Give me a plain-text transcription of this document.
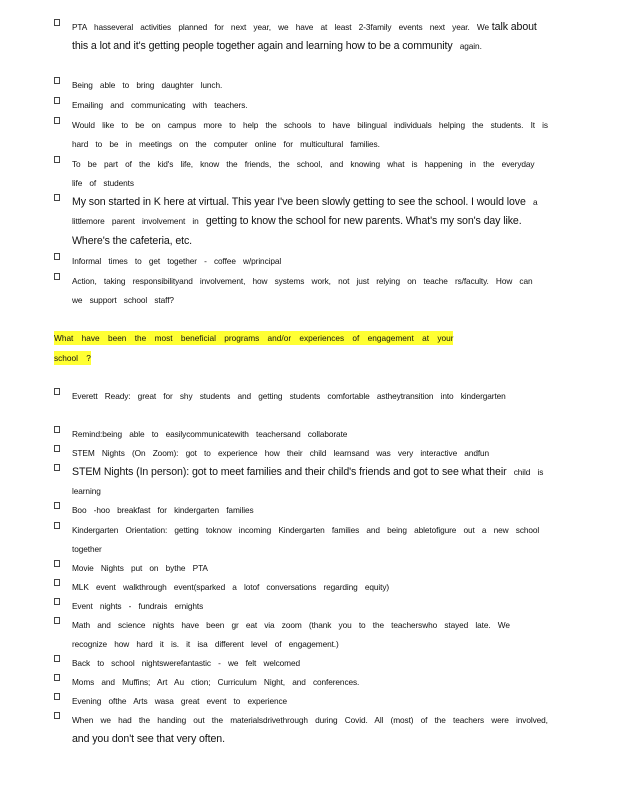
PTA hasseveral activities planned for next year, we have at least 2-3family events next year. We talk about this a lot and it's getting people together again and learning how to be a community again.
Being able to bring daughter lunch.
Emailing and communicating with teachers.
Would like to be on campus more to help the schools to have bilingual individuals helping the students. It is hard to be in meetings on the computer online for multicultural families.
To be part of the kid's life, know the friends, the school, and knowing what is happening in the everyday life of students
My son started in K here at virtual. This year I've been slowly getting to see the school. I would love a littlemore parent involvement in getting to know the school for new parents. What's my son's day like. Where's the cafeteria, etc.
Informal times to get together - coffee w/principal
Action, taking responsibilityand involvement, how systems work, not just relying on teache rs/faculty. How can we support school staff?
What have been the most beneficial programs and/or experiences of engagement at your
school ?
Everett Ready: great for shy students and getting students comfortable astheytransition into kindergarten
Remind:being able to easilycommunicatewith teachersand collaborate
STEM Nights (On Zoom): got to experience how their child learnsand was very interactive andfun
STEM Nights (In person): got to meet families and their child's friends and got to see what their child is learning
Boo -hoo breakfast for kindergarten families
Kindergarten Orientation: getting toknow incoming Kindergarten families and being abletofigure out a new school together
Movie Nights put on bythe PTA
MLK event walkthrough event(sparked a lotof conversations regarding equity)
Event nights - fundrais ernights
Math and science nights have been gr eat via zoom (thank you to the teacherswho stayed late. We recognize how hard it is. it isa different level of engagement.)
Back to school nightswerefantastic - we felt welcomed
Moms and Muffins; Art Au ction; Curriculum Night, and conferences.
Evening ofthe Arts wasa great event to experience
When we had the handing out the materialsdrivethrough during Covid. All (most) of the teachers were involved, and you don't see that very often.
